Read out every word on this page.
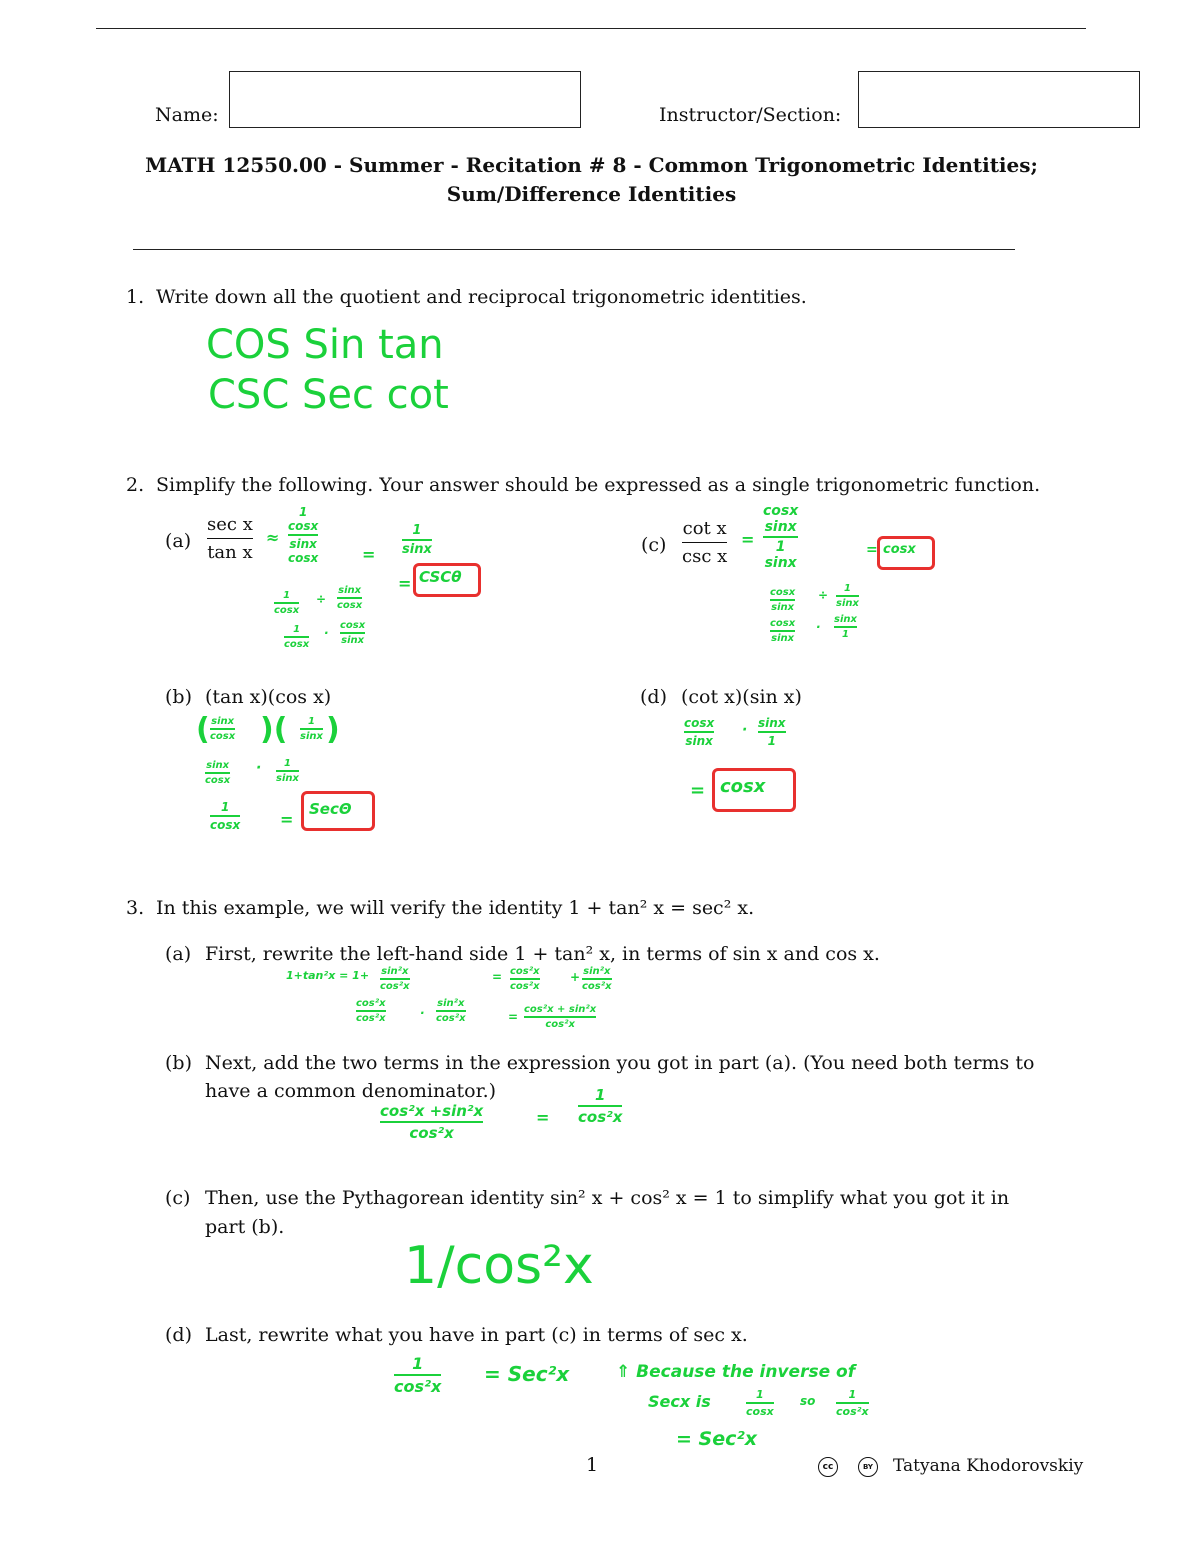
Name:	Instructor/Section:
MATH 12550.00 - Summer - Recitation # 8 - Common Trigonometric Identities;
Sum/Difference Identities
1. Write down all the quotient and reciprocal trigonometric identities.
COS Sin tan
CSC Sec cot
2. Simplify the following. Your answer should be expressed as a single trigonometric function.
(a)
sec x
tan x
≈
1
cosx
sinx
cosx	=
1
sinx
= CSCθ
1
cosx
÷
sinx
cosx
1
cosx
·
cosx
sinx
(c)
cot x
csc x
=
cosx
sinx
1
sinx
= cosx
cosx
sinx
÷ 1
sinx
cosx
sinx
·
sinx
1
(b) (tan x)(cos x)
( sinx
cosx )( 1
sinx )
sinx
cosx
· 1
sinx
1
cosx =
SecΘ
(d) (cot x)(sin x)
cosx
sinx
· sinx
1
= cosx
3. In this example, we will verify the identity 1 + tan² x = sec² x.
(a) First, rewrite the left-hand side 1 + tan² x, in terms of sin x and cos x.
1+tan²x = 1+ sin²x
cos²x
= cos²x
cos²x
+ sin²x
cos²x
cos²x
cos²x	·
sin²x
cos²x	=
cos²x + sin²x
cos²x
(b) Next, add the two terms in the expression you got in part (a). (You need both terms to
have a common denominator.)
cos²x +sin²x
cos²x
=
1
cos²x
(c) Then, use the Pythagorean identity sin² x + cos² x = 1 to simplify what you got it in
part (b).
1/cos²x
(d) Last, rewrite what you have in part (c) in terms of sec x.
1
cos²x
= Sec²x	⇑ Because the inverse of
Secx is	1
cosx
so	1
cos²x
= Sec²x
1	cc	BY Tatyana Khodorovskiy
